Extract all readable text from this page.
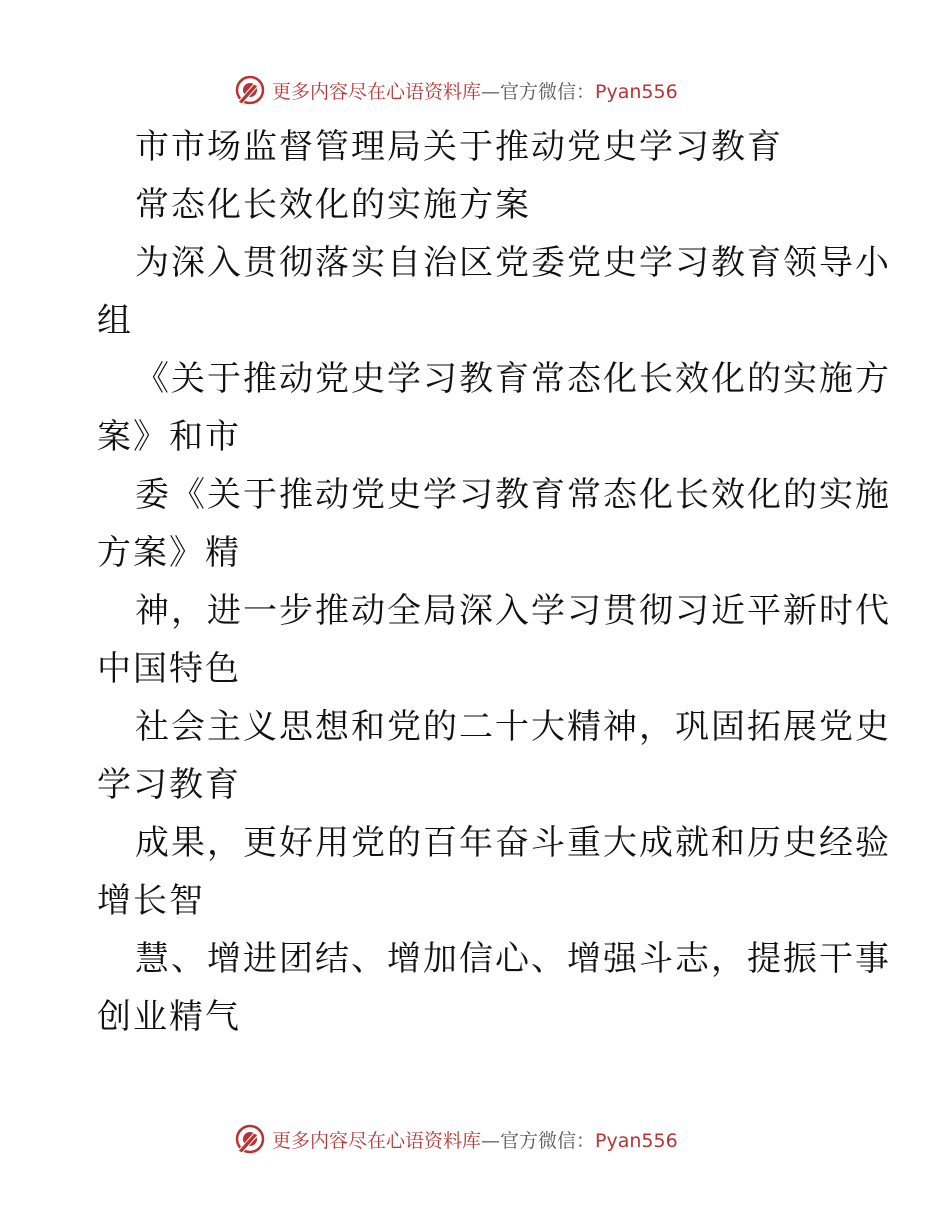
更多内容尽在心语资料库—官方微信：Pyan556
市市场监督管理局关于推动党史学习教育
常态化长效化的实施方案
为深入贯彻落实自治区党委党史学习教育领导小
组
《关于推动党史学习教育常态化长效化的实施方
案》和市
委《关于推动党史学习教育常态化长效化的实施
方案》精
神，进一步推动全局深入学习贯彻习近平新时代
中国特色
社会主义思想和党的二十大精神，巩固拓展党史
学习教育
成果，更好用党的百年奋斗重大成就和历史经验
增长智
慧、增进团结、增加信心、增强斗志，提振干事
创业精气
更多内容尽在心语资料库—官方微信：Pyan556
